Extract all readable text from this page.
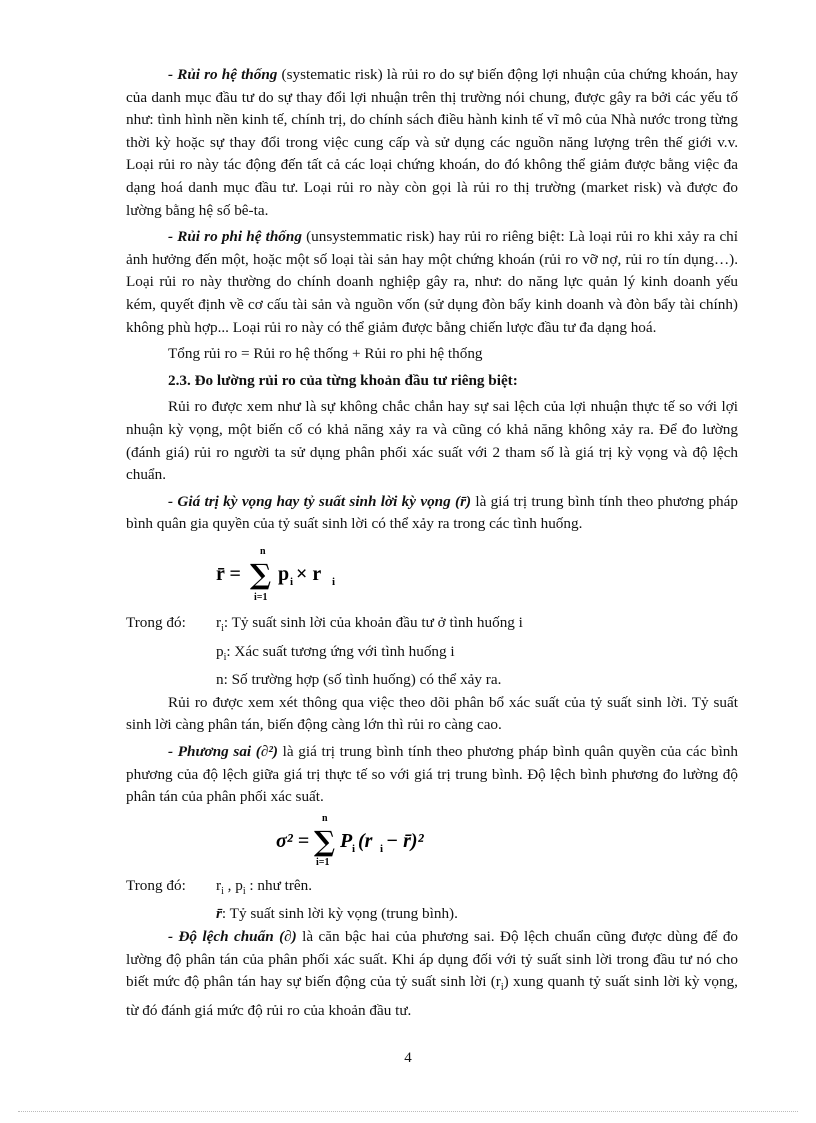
- Rủi ro hệ thống (systematic risk) là rủi ro do sự biến động lợi nhuận của chứng khoán, hay của danh mục đầu tư do sự thay đổi lợi nhuận trên thị trường nói chung, được gây ra bởi các yếu tố như: tình hình nền kinh tế, chính trị, do chính sách điều hành kinh tế vĩ mô của Nhà nước trong từng thời kỳ hoặc sự thay đổi trong việc cung cấp và sử dụng các nguồn năng lượng trên thế giới v.v. Loại rủi ro này tác động đến tất cả các loại chứng khoán, do đó không thể giảm được bằng việc đa dạng hoá danh mục đầu tư. Loại rủi ro này còn gọi là rủi ro thị trường (market risk) và được đo lường bằng hệ số bê-ta.

- Rủi ro phi hệ thống (unsystemmatic risk) hay rủi ro riêng biệt: Là loại rủi ro khi xảy ra chỉ ảnh hưởng đến một, hoặc một số loại tài sản hay một chứng khoán (rủi ro vỡ nợ, rủi ro tín dụng…). Loại rủi ro này thường do chính doanh nghiệp gây ra, như: do năng lực quản lý kinh doanh yếu kém, quyết định về cơ cấu tài sản và nguồn vốn (sử dụng đòn bẩy kinh doanh và đòn bẩy tài chính) không phù hợp... Loại rủi ro này có thể giảm được bằng chiến lược đầu tư đa dạng hoá.

Tổng rủi ro = Rủi ro hệ thống + Rủi ro phi hệ thống

2.3. Đo lường rủi ro của từng khoản đầu tư riêng biệt:

Rủi ro được xem như là sự không chắc chắn hay sự sai lệch của lợi nhuận thực tế so với lợi nhuận kỳ vọng, một biến cố có khả năng xảy ra và cũng có khả năng không xảy ra. Để đo lường (đánh giá) rủi ro người ta sử dụng phân phối xác suất với 2 tham số là giá trị kỳ vọng và độ lệch chuẩn.

- Giá trị kỳ vọng hay tỷ suất sinh lời kỳ vọng (r̄) là giá trị trung bình tính theo phương pháp bình quân gia quyền của tỷ suất sinh lời có thể xảy ra trong các tình huống.

r̄ =
n
∑
i=1
p i × r i
Trong đó:	$r_i$: Tỷ suất sinh lời của khoản đầu tư ở tình huống i
$p_i$: Xác suất tương ứng với tình huống i
n: Số trường hợp (số tình huống) có thể xảy ra.

Rủi ro được xem xét thông qua việc theo dõi phân bổ xác suất của tỷ suất sinh lời. Tỷ suất sinh lời càng phân tán, biến động càng lớn thì rủi ro càng cao.

- Phương sai (∂²) là giá trị trung bình tính theo phương pháp bình quân quyền của các bình phương của độ lệch giữa giá trị thực tế so với giá trị trung bình. Độ lệch bình phương đo lường độ phân tán của phân phối xác suất.

σ² =
n
∑
i=1
P i (r i − r̄)²
Trong đó:	$r_i$ , $p_i$ : như trên.
r̄: Tỷ suất sinh lời kỳ vọng (trung bình).

- Độ lệch chuẩn (∂) là căn bậc hai của phương sai. Độ lệch chuẩn cũng được dùng để đo lường độ phân tán của phân phối xác suất. Khi áp dụng đối với tỷ suất sinh lời trong đầu tư nó cho biết mức độ phân tán hay sự biến động của tỷ suất sinh lời $(r_i)$ xung quanh tỷ suất sinh lời kỳ vọng, từ đó đánh giá mức độ rủi ro của khoản đầu tư.

4
